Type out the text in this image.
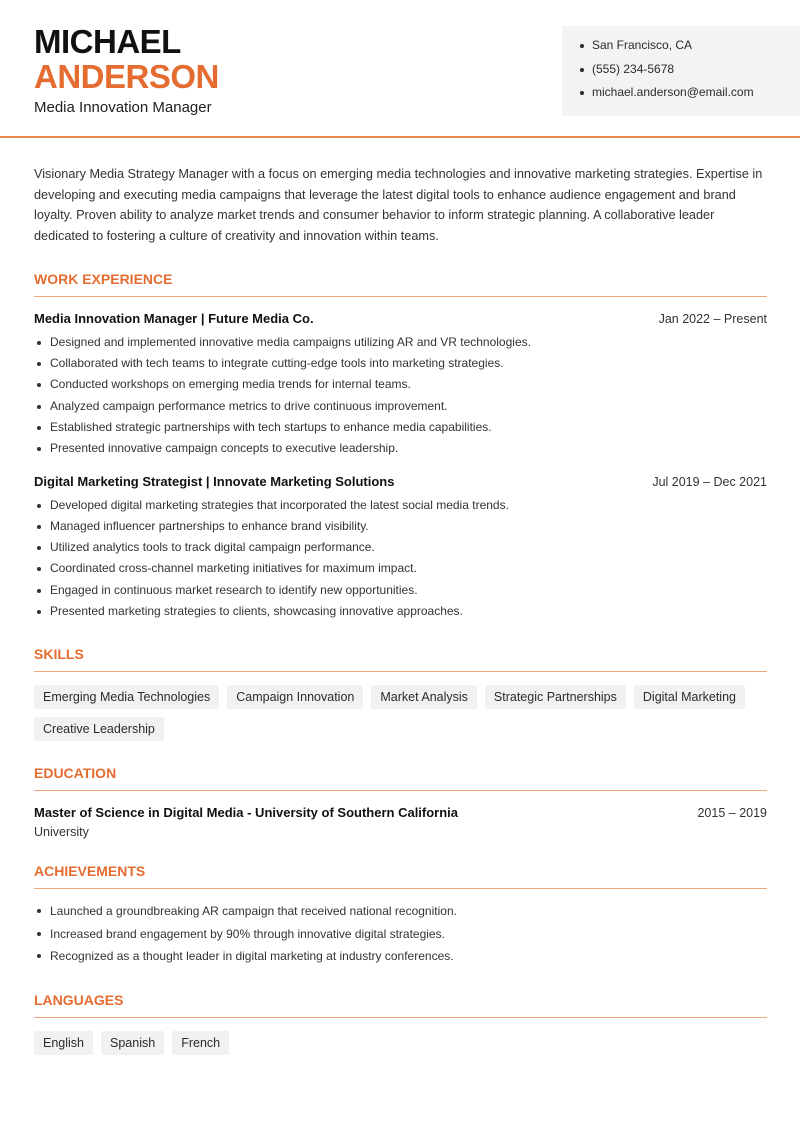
MICHAEL
ANDERSON
Media Innovation Manager
San Francisco, CA
(555) 234-5678
michael.anderson@email.com

Visionary Media Strategy Manager with a focus on emerging media technologies and innovative marketing strategies. Expertise in developing and executing media campaigns that leverage the latest digital tools to enhance audience engagement and brand loyalty. Proven ability to analyze market trends and consumer behavior to inform strategic planning. A collaborative leader dedicated to fostering a culture of creativity and innovation within teams.

WORK EXPERIENCE
Media Innovation Manager | Future Media Co.	Jan 2022 – Present
Designed and implemented innovative media campaigns utilizing AR and VR technologies.
Collaborated with tech teams to integrate cutting-edge tools into marketing strategies.
Conducted workshops on emerging media trends for internal teams.
Analyzed campaign performance metrics to drive continuous improvement.
Established strategic partnerships with tech startups to enhance media capabilities.
Presented innovative campaign concepts to executive leadership.
Digital Marketing Strategist | Innovate Marketing Solutions	Jul 2019 – Dec 2021
Developed digital marketing strategies that incorporated the latest social media trends.
Managed influencer partnerships to enhance brand visibility.
Utilized analytics tools to track digital campaign performance.
Coordinated cross-channel marketing initiatives for maximum impact.
Engaged in continuous market research to identify new opportunities.
Presented marketing strategies to clients, showcasing innovative approaches.
SKILLS
Emerging Media Technologies	Campaign Innovation	Market Analysis	Strategic Partnerships	Digital Marketing
Creative Leadership
EDUCATION
Master of Science in Digital Media - University of Southern California	2015 – 2019
University
ACHIEVEMENTS
Launched a groundbreaking AR campaign that received national recognition.
Increased brand engagement by 90% through innovative digital strategies.
Recognized as a thought leader in digital marketing at industry conferences.
LANGUAGES
English	Spanish	French
